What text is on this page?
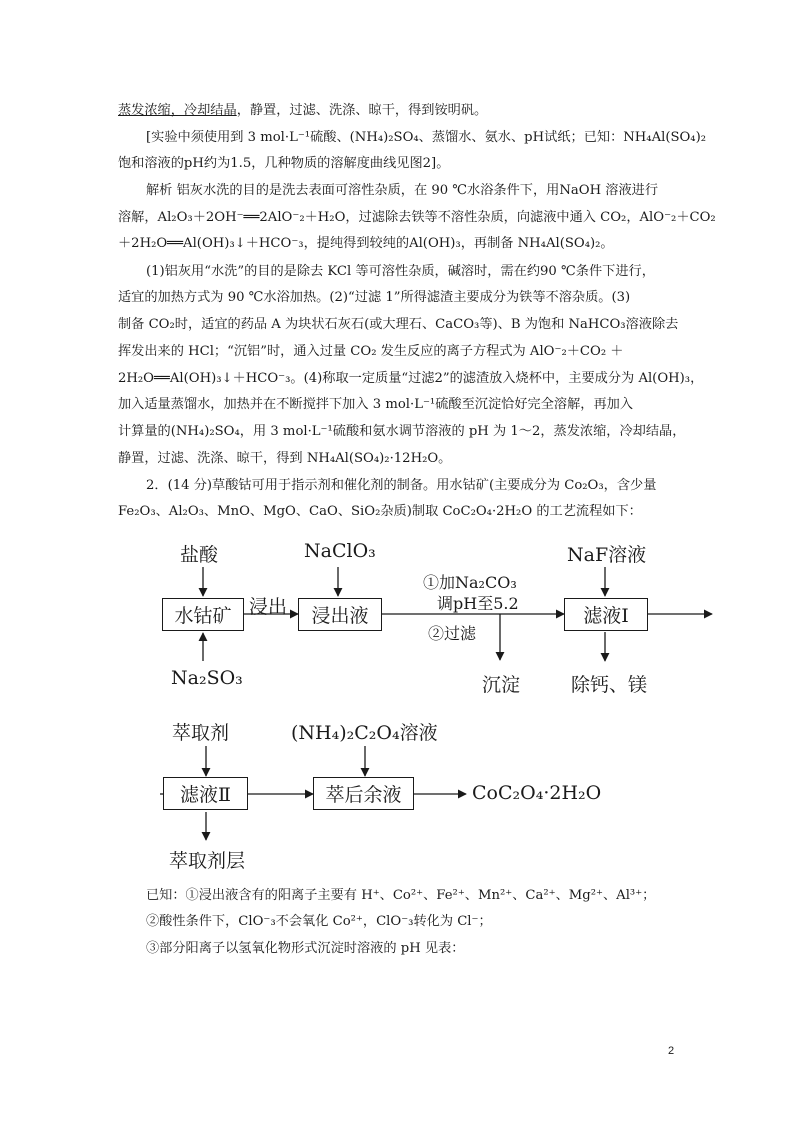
蒸发浓缩，冷却结晶，静置，过滤、洗涤、晾干，得到铵明矾。
[实验中须使用到 3 mol·L⁻¹硫酸、(NH₄)₂SO₄、蒸馏水、氨水、pH试纸；已知：NH₄Al(SO₄)₂
饱和溶液的pH约为1.5，几种物质的溶解度曲线见图2]。
解析 铝灰水洗的目的是洗去表面可溶性杂质，在 90 ℃水浴条件下，用NaOH 溶液进行
溶解，Al₂O₃＋2OH⁻══2AlO⁻₂＋H₂O，过滤除去铁等不溶性杂质，向滤液中通入 CO₂，AlO⁻₂＋CO₂
＋2H₂O══Al(OH)₃↓＋HCO⁻₃，提纯得到较纯的Al(OH)₃，再制备 NH₄Al(SO₄)₂。
(1)铝灰用“水洗”的目的是除去 KCl 等可溶性杂质，碱溶时，需在约90 ℃条件下进行，
适宜的加热方式为 90 ℃水浴加热。(2)“过滤 1”所得滤渣主要成分为铁等不溶杂质。(3)
制备 CO₂时，适宜的药品 A 为块状石灰石(或大理石、CaCO₃等)、B 为饱和 NaHCO₃溶液除去
挥发出来的 HCl；“沉铝”时，通入过量 CO₂ 发生反应的离子方程式为 AlO⁻₂＋CO₂ ＋
2H₂O══Al(OH)₃↓＋HCO⁻₃。(4)称取一定质量“过滤2”的滤渣放入烧杯中，主要成分为 Al(OH)₃，
加入适量蒸馏水，加热并在不断搅拌下加入 3 mol·L⁻¹硫酸至沉淀恰好完全溶解，再加入
计算量的(NH₄)₂SO₄，用 3 mol·L⁻¹硫酸和氨水调节溶液的 pH 为 1～2，蒸发浓缩，冷却结晶，
静置，过滤、洗涤、晾干，得到 NH₄Al(SO₄)₂·12H₂O。
2．(14 分)草酸钴可用于指示剂和催化剂的制备。用水钴矿(主要成分为 Co₂O₃，含少量
Fe₂O₃、Al₂O₃、MnO、MgO、CaO、SiO₂杂质)制取 CoC₂O₄·2H₂O 的工艺流程如下：
盐酸
水钴矿
Na₂SO₃
浸出
NaClO₃
浸出液
①加Na₂CO₃
调pH至5.2
②过滤
沉淀
NaF溶液
滤液Ⅰ
除钙、镁
萃取剂
滤液Ⅱ
萃取剂层
(NH₄)₂C₂O₄溶液
萃后余液	CoC₂O₄·2H₂O
已知：①浸出液含有的阳离子主要有 H⁺、Co²⁺、Fe²⁺、Mn²⁺、Ca²⁺、Mg²⁺、Al³⁺；
②酸性条件下，ClO⁻₃不会氧化 Co²⁺，ClO⁻₃转化为 Cl⁻；
③部分阳离子以氢氧化物形式沉淀时溶液的 pH 见表：
2
